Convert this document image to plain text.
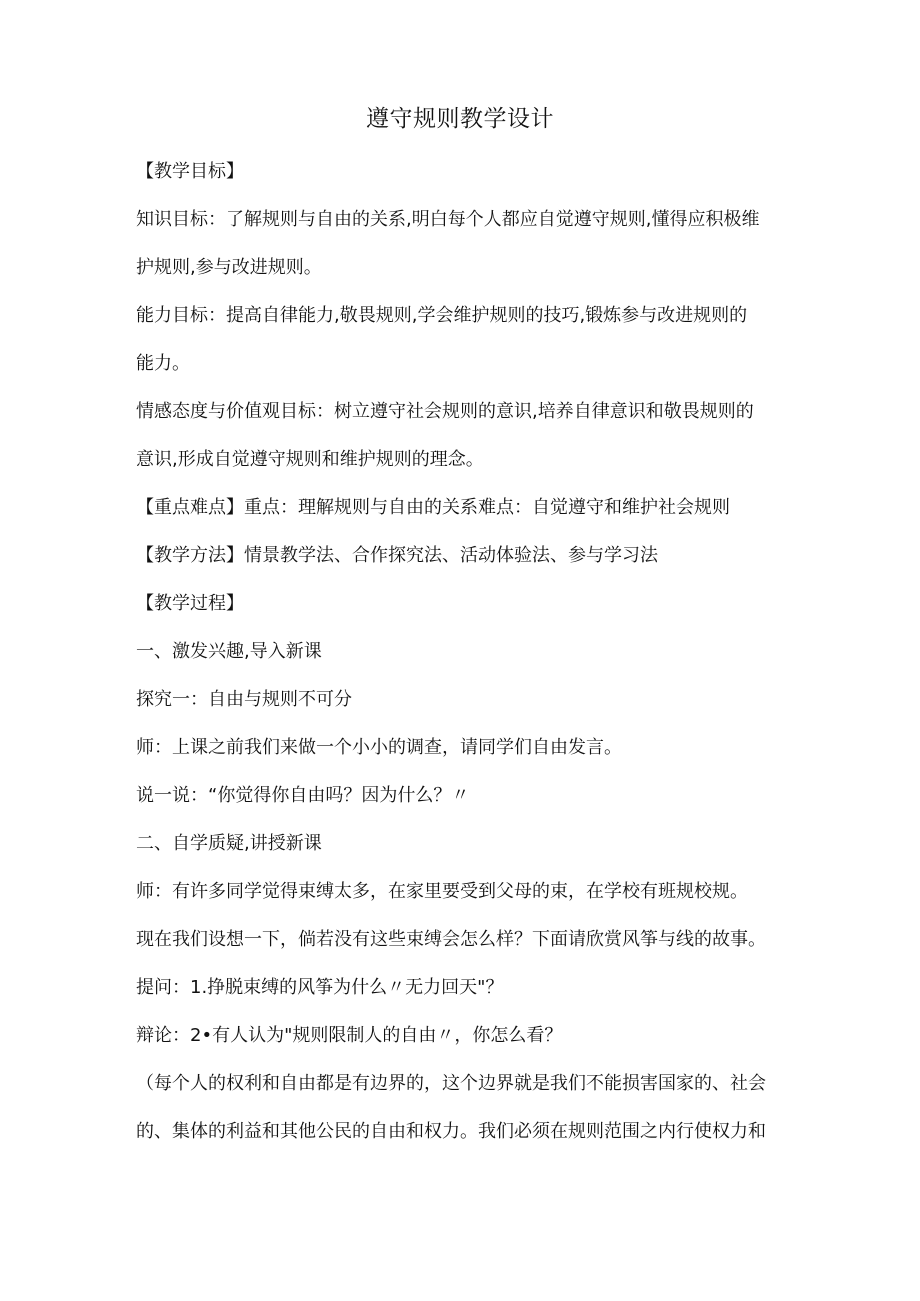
遵守规则教学设计
【教学目标】
知识目标：了解规则与自由的关系,明白每个人都应自觉遵守规则,懂得应积极维
护规则,参与改进规则。
能力目标：提高自律能力,敬畏规则,学会维护规则的技巧,锻炼参与改进规则的
能力。
情感态度与价值观目标：树立遵守社会规则的意识,培养自律意识和敬畏规则的
意识,形成自觉遵守规则和维护规则的理念。
【重点难点】重点：理解规则与自由的关系难点：自觉遵守和维护社会规则
【教学方法】情景教学法、合作探究法、活动体验法、参与学习法
【教学过程】
一、激发兴趣,导入新课
探究一：自由与规则不可分
师：上课之前我们来做一个小小的调查，请同学们自由发言。
说一说：“你觉得你自由吗？因为什么？〃
二、自学质疑,讲授新课
师：有许多同学觉得束缚太多，在家里要受到父母的束，在学校有班规校规。
现在我们设想一下，倘若没有这些束缚会怎么样？下面请欣赏风筝与线的故事。
提问：1.挣脱束缚的风筝为什么〃无力回天"？
辩论：2•有人认为"规则限制人的自由〃，你怎么看？
（每个人的权利和自由都是有边界的，这个边界就是我们不能损害国家的、社会
的、集体的利益和其他公民的自由和权力。我们必须在规则范围之内行使权力和
